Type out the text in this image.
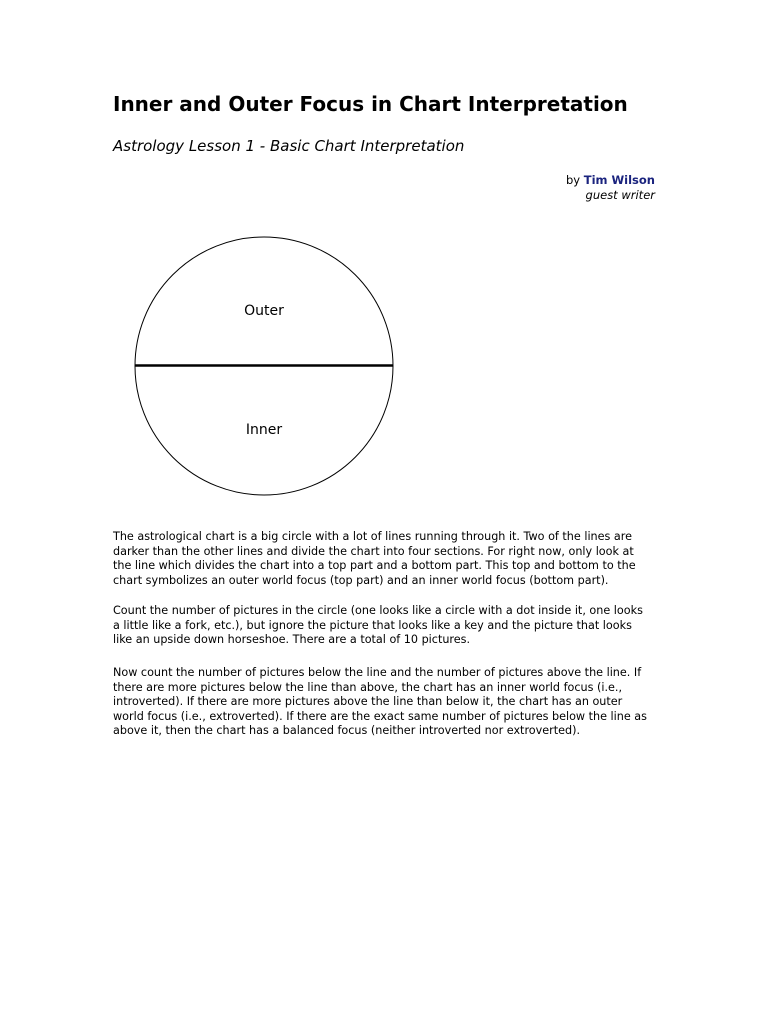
Inner and Outer Focus in Chart Interpretation
Astrology Lesson 1 - Basic Chart Interpretation
by Tim Wilson
guest writer
Outer
Inner

The astrological chart is a big circle with a lot of lines running through it. Two of the lines are darker than the other lines and divide the chart into four sections. For right now, only look at the line which divides the chart into a top part and a bottom part. This top and bottom to the chart symbolizes an outer world focus (top part) and an inner world focus (bottom part).

Count the number of pictures in the circle (one looks like a circle with a dot inside it, one looks a little like a fork, etc.), but ignore the picture that looks like a key and the picture that looks like an upside down horseshoe. There are a total of 10 pictures.

Now count the number of pictures below the line and the number of pictures above the line. If there are more pictures below the line than above, the chart has an inner world focus (i.e., introverted). If there are more pictures above the line than below it, the chart has an outer world focus (i.e., extroverted). If there are the exact same number of pictures below the line as above it, then the chart has a balanced focus (neither introverted nor extroverted).
